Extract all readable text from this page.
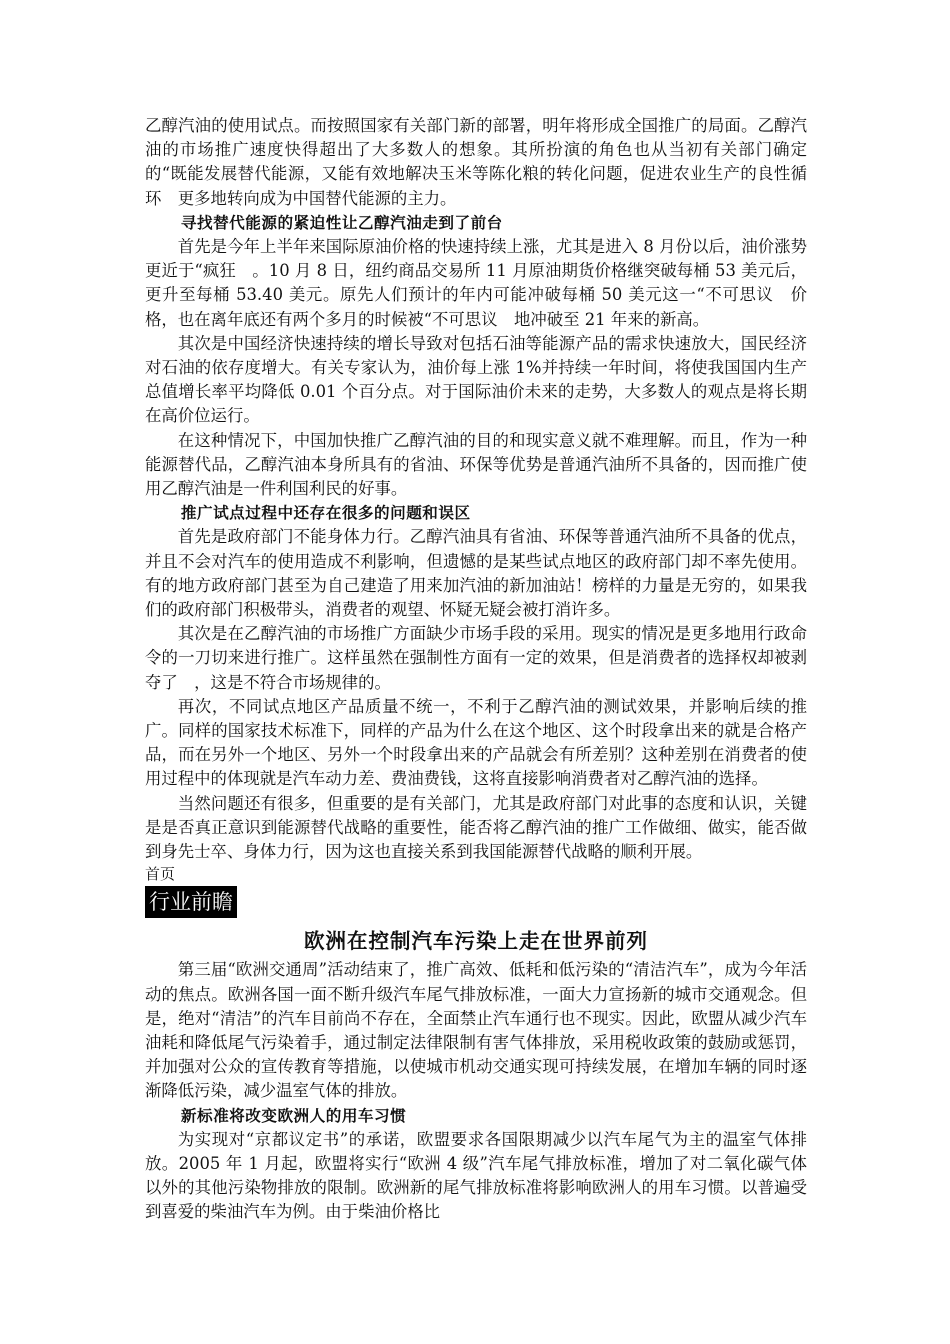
乙醇汽油的使用试点。而按照国家有关部门新的部署，明年将形成全国推广的局面。乙醇汽油的市场推广速度快得超出了大多数人的想象。其所扮演的角色也从当初有关部门确定的“既能发展替代能源，又能有效地解决玉米等陈化粮的转化问题，促进农业生产的良性循环　更多地转向成为中国替代能源的主力。

寻找替代能源的紧迫性让乙醇汽油走到了前台

首先是今年上半年来国际原油价格的快速持续上涨，尤其是进入 8 月份以后，油价涨势更近于“疯狂　。10 月 8 日，纽约商品交易所 11 月原油期货价格继突破每桶 53 美元后，更升至每桶 53.40 美元。原先人们预计的年内可能冲破每桶 50 美元这一“不可思议　价格，也在离年底还有两个多月的时候被“不可思议　地冲破至 21 年来的新高。

其次是中国经济快速持续的增长导致对包括石油等能源产品的需求快速放大，国民经济对石油的依存度增大。有关专家认为，油价每上涨 1%并持续一年时间，将使我国国内生产总值增长率平均降低 0.01 个百分点。对于国际油价未来的走势，大多数人的观点是将长期在高价位运行。

在这种情况下，中国加快推广乙醇汽油的目的和现实意义就不难理解。而且，作为一种能源替代品，乙醇汽油本身所具有的省油、环保等优势是普通汽油所不具备的，因而推广使用乙醇汽油是一件利国利民的好事。

推广试点过程中还存在很多的问题和误区

首先是政府部门不能身体力行。乙醇汽油具有省油、环保等普通汽油所不具备的优点，并且不会对汽车的使用造成不利影响，但遗憾的是某些试点地区的政府部门却不率先使用。有的地方政府部门甚至为自己建造了用来加汽油的新加油站！榜样的力量是无穷的，如果我们的政府部门积极带头，消费者的观望、怀疑无疑会被打消许多。

其次是在乙醇汽油的市场推广方面缺少市场手段的采用。现实的情况是更多地用行政命令的一刀切来进行推广。这样虽然在强制性方面有一定的效果，但是消费者的选择权却被剥夺了　，这是不符合市场规律的。

再次，不同试点地区产品质量不统一，不利于乙醇汽油的测试效果，并影响后续的推广。同样的国家技术标准下，同样的产品为什么在这个地区、这个时段拿出来的就是合格产品，而在另外一个地区、另外一个时段拿出来的产品就会有所差别？这种差别在消费者的使用过程中的体现就是汽车动力差、费油费钱，这将直接影响消费者对乙醇汽油的选择。

当然问题还有很多，但重要的是有关部门，尤其是政府部门对此事的态度和认识，关键是是否真正意识到能源替代战略的重要性，能否将乙醇汽油的推广工作做细、做实，能否做到身先士卒、身体力行，因为这也直接关系到我国能源替代战略的顺利开展。

首页

行业前瞻
欧洲在控制汽车污染上走在世界前列

第三届“欧洲交通周”活动结束了，推广高效、低耗和低污染的“清洁汽车”，成为今年活动的焦点。欧洲各国一面不断升级汽车尾气排放标准，一面大力宣扬新的城市交通观念。但是，绝对“清洁”的汽车目前尚不存在，全面禁止汽车通行也不现实。因此，欧盟从减少汽车油耗和降低尾气污染着手，通过制定法律限制有害气体排放，采用税收政策的鼓励或惩罚，并加强对公众的宣传教育等措施，以使城市机动交通实现可持续发展，在增加车辆的同时逐渐降低污染，减少温室气体的排放。

新标准将改变欧洲人的用车习惯

为实现对“京都议定书”的承诺，欧盟要求各国限期减少以汽车尾气为主的温室气体排放。2005 年 1 月起，欧盟将实行“欧洲 4 级”汽车尾气排放标准，增加了对二氧化碳气体以外的其他污染物排放的限制。欧洲新的尾气排放标准将影响欧洲人的用车习惯。以普遍受到喜爱的柴油汽车为例。由于柴油价格比
